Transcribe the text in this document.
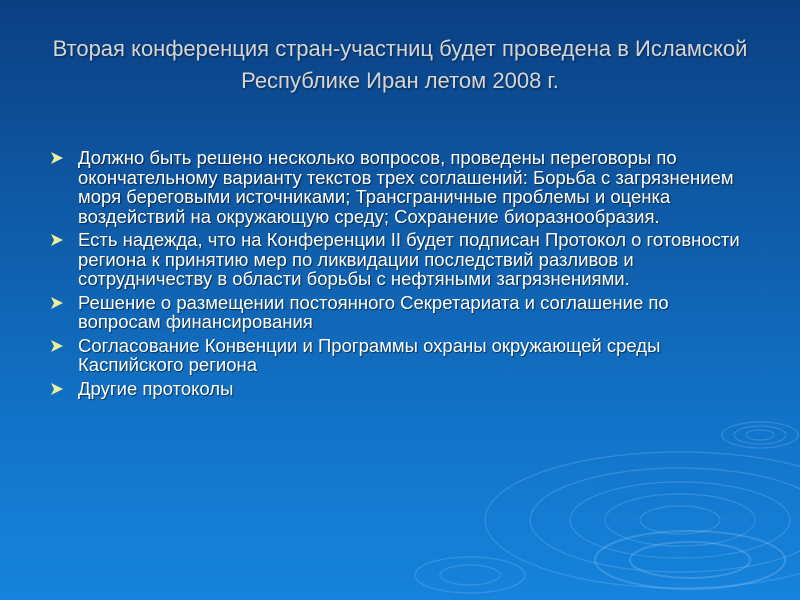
Вторая конференция стран-участниц будет проведена в Исламской Республике Иран летом 2008 г.
Должно быть решено несколько вопросов, проведены переговоры по окончательному варианту текстов трех соглашений: Борьба с загрязнением моря береговыми источниками; Трансграничные проблемы и оценка воздействий на окружающую среду; Сохранение биоразнообразия.
Есть надежда, что на Конференции II будет подписан Протокол о готовности региона к принятию мер по ликвидации последствий разливов и сотрудничеству в области борьбы с нефтяными загрязнениями.
Решение о размещении постоянного Секретариата и соглашение по вопросам финансирования
Согласование Конвенции и Программы охраны окружающей среды Каспийского региона
Другие протоколы
